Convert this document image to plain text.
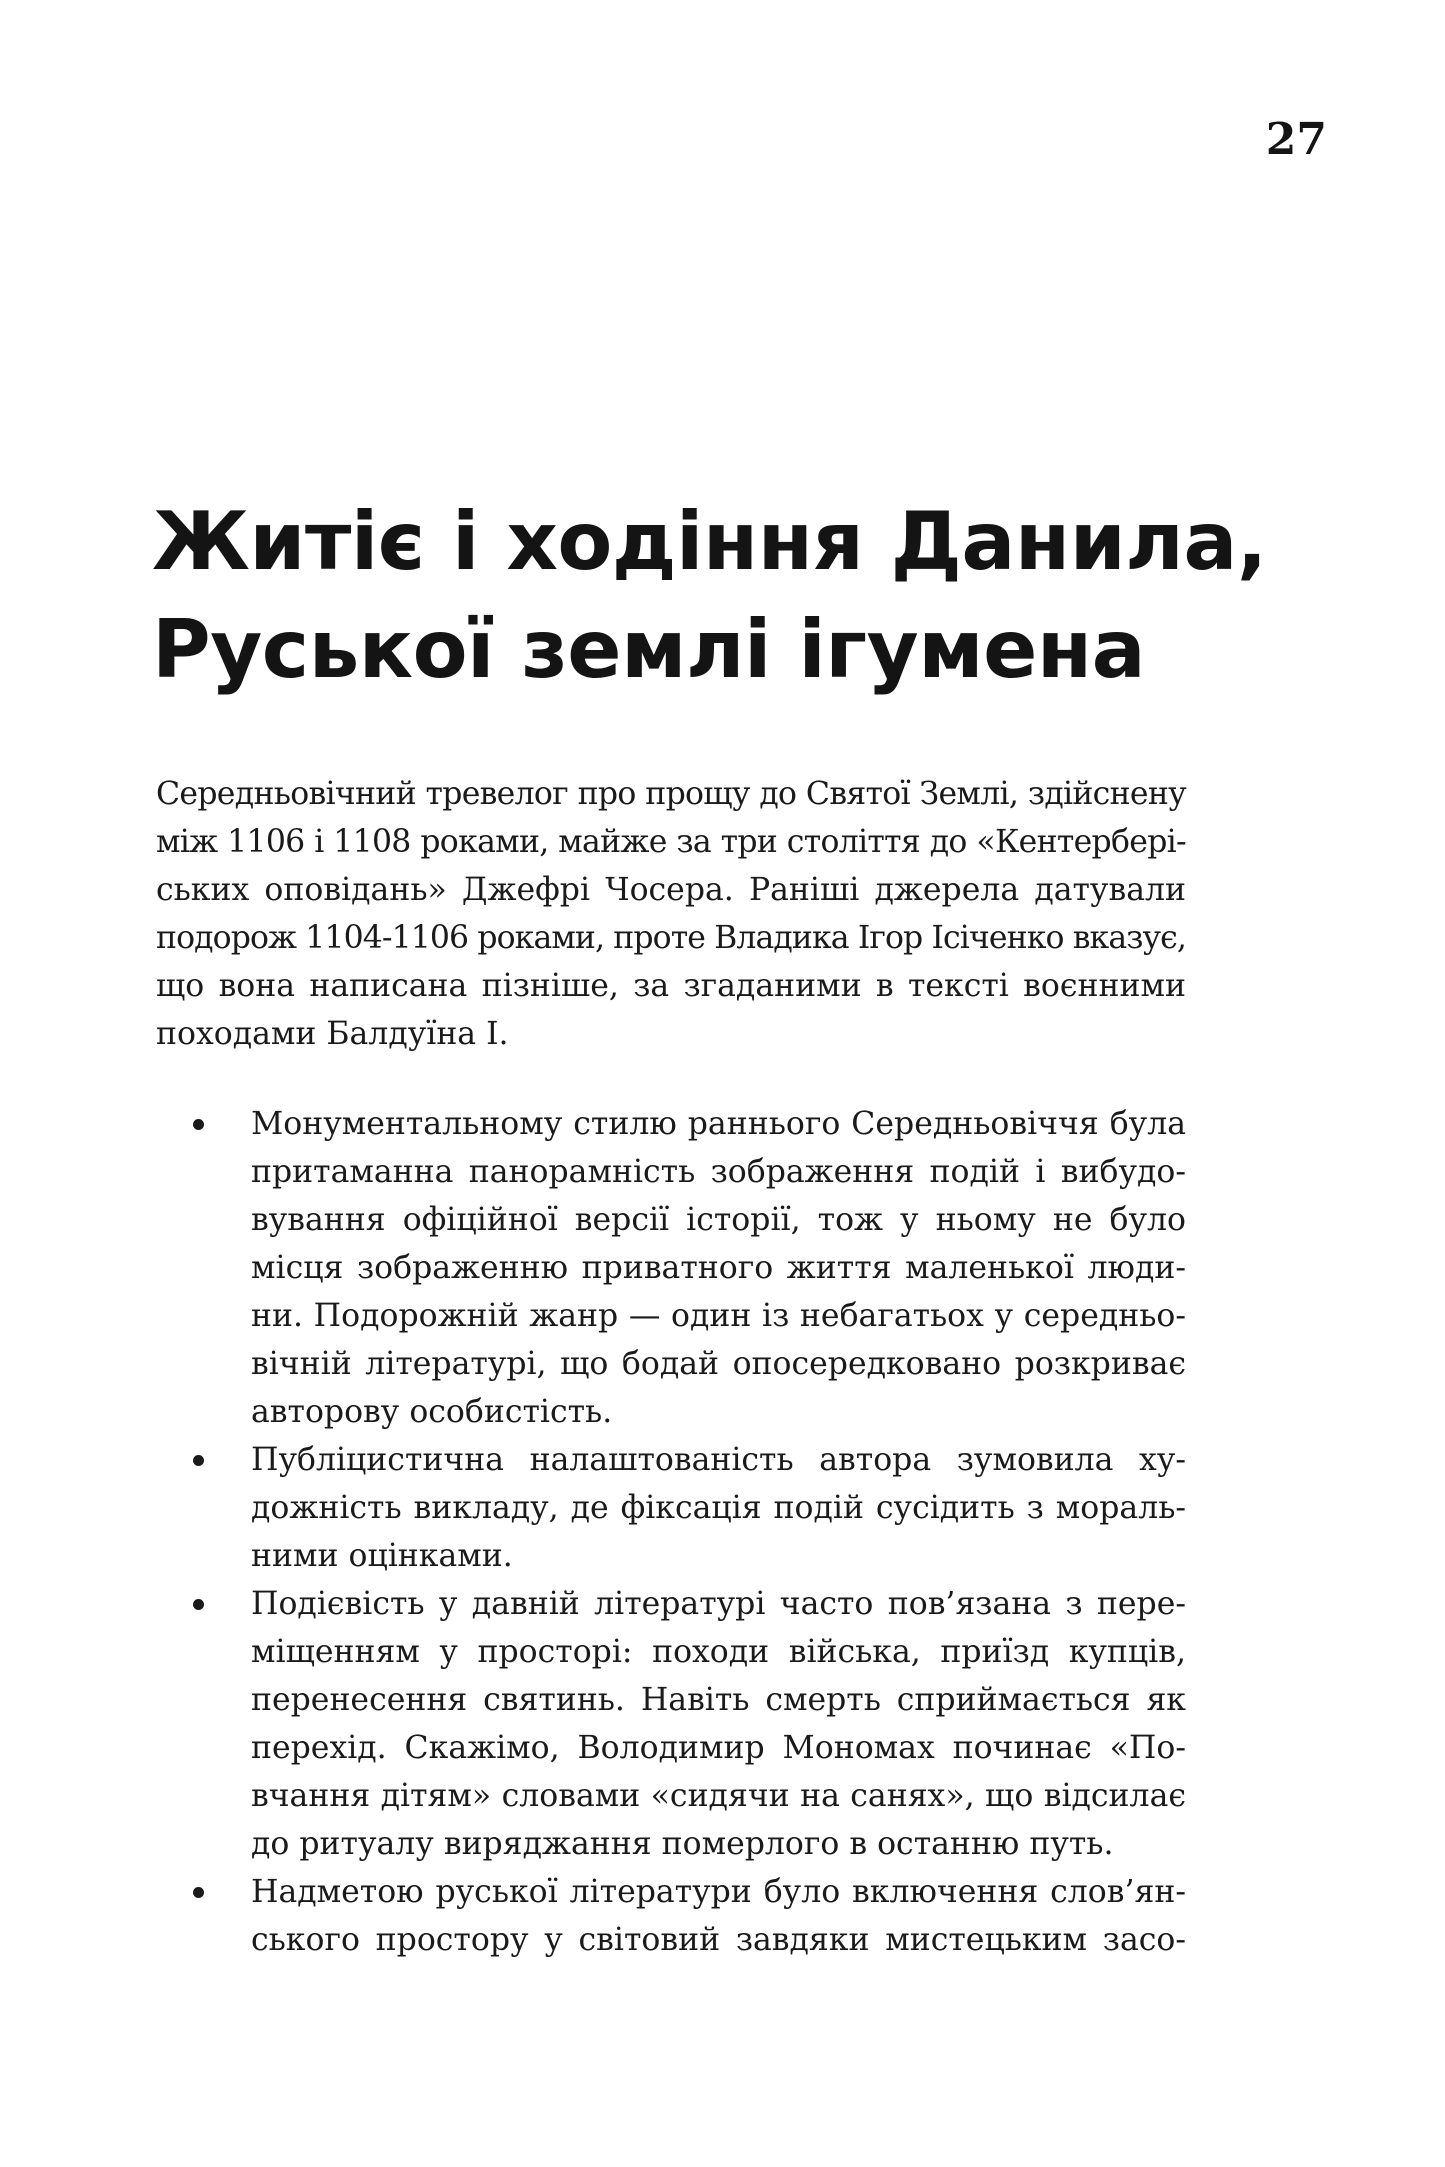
27
Житіє і ходіння Данила,
Руської землі ігумена

Середньовічний тревелог про прощу до Святої Землі, здійснену
між 1106 і 1108 роками, майже за три століття до «Кентербері-
ських оповідань» Джефрі Чосера. Раніші джерела датували
подорож 1104-1106 роками, проте Владика Ігор Ісіченко вказує,
що вона написана пізніше, за згаданими в тексті воєнними
походами Балдуїна І.

Монументальному стилю раннього Середньовіччя була
притаманна панорамність зображення подій і вибудо-
вування офіційної версії історії, тож у ньому не було
місця зображенню приватного життя маленької люди-
ни. Подорожній жанр — один із небагатьох у середньо-
вічній літературі, що бодай опосередковано розкриває
авторову особистість.
Публіцистична налаштованість автора зумовила ху-
дожність викладу, де фіксація подій сусідить з мораль-
ними оцінками.
Подієвість у давній літературі часто пов’язана з пере-
міщенням у просторі: походи війська, приїзд купців,
перенесення святинь. Навіть смерть сприймається як
перехід. Скажімо, Володимир Мономах починає «По-
вчання дітям» словами «сидячи на санях», що відсилає
до ритуалу виряджання померлого в останню путь.
Надметою руської літератури було включення слов’ян-
ського простору у світовий завдяки мистецьким засо-
